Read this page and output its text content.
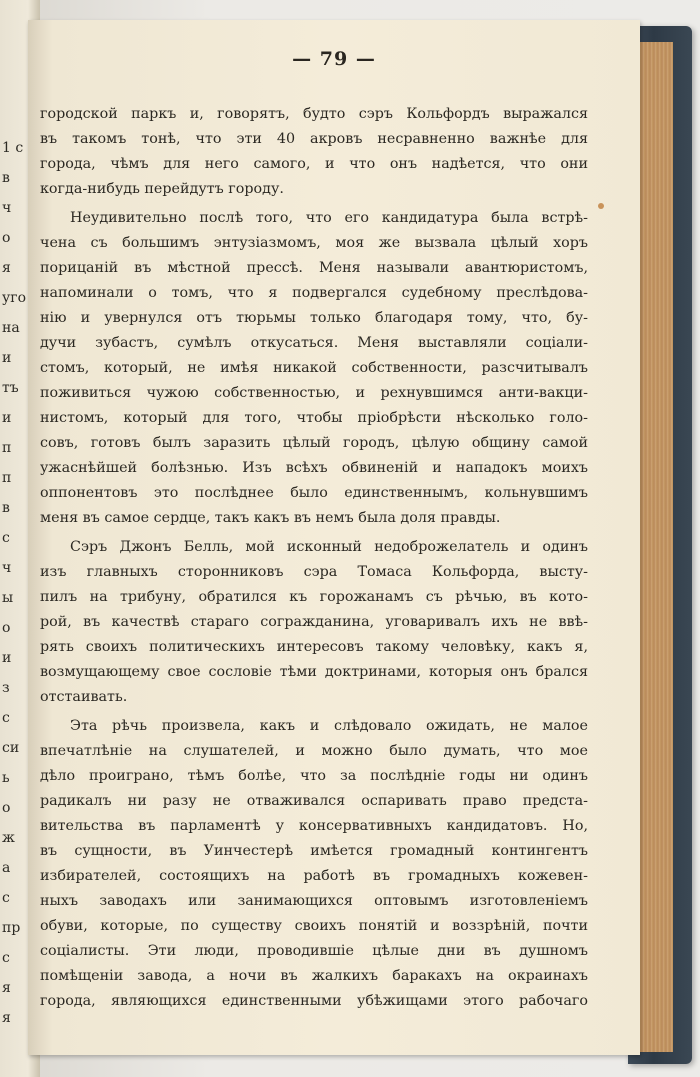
1 с
в
ч
о
я
уго
на
и
тъ
и
п
п
в
с
ч
ы
о
и
з
с
си
ь
о
ж
а
с
пр
с
я
я
— 79 —
городской паркъ и, говорятъ, будто сэръ Кольфордъ выражался
въ такомъ тонѣ, что эти 40 акровъ несравненно важнѣе для
города, чѣмъ для него самого, и что онъ надѣется, что они
когда-нибудь перейдутъ городу.
Неудивительно послѣ того, что его кандидатура была встрѣ-
чена съ большимъ энтузіазмомъ, моя же вызвала цѣлый хоръ
порицаній въ мѣстной прессѣ. Меня называли авантюристомъ,
напоминали о томъ, что я подвергался судебному преслѣдова-
нію и увернулся отъ тюрьмы только благодаря тому, что, бу-
дучи зубастъ, сумѣлъ откусаться. Меня выставляли соціали-
стомъ, который, не имѣя никакой собственности, разсчитывалъ
поживиться чужою собственностью, и рехнувшимся анти-вакци-
нистомъ, который для того, чтобы пріобрѣсти нѣсколько голо-
совъ, готовъ былъ заразить цѣлый городъ, цѣлую общину самой
ужаснѣйшей болѣзнью. Изъ всѣхъ обвиненій и нападокъ моихъ
оппонентовъ это послѣднее было единственнымъ, кольнувшимъ
меня въ самое сердце, такъ какъ въ немъ была доля правды.
Сэръ Джонъ Белль, мой исконный недоброжелатель и одинъ
изъ главныхъ сторонниковъ сэра Томаса Кольфорда, высту-
пилъ на трибуну, обратился къ горожанамъ съ рѣчью, въ кото-
рой, въ качествѣ стараго согражданина, уговаривалъ ихъ не ввѣ-
рять своихъ политическихъ интересовъ такому человѣку, какъ я,
возмущающему свое сословіе тѣми доктринами, которыя онъ брался
отстаивать.
Эта рѣчь произвела, какъ и слѣдовало ожидать, не малое
впечатлѣніе на слушателей, и можно было думать, что мое
дѣло проиграно, тѣмъ болѣе, что за послѣдніе годы ни одинъ
радикалъ ни разу не отваживался оспаривать право предста-
вительства въ парламентѣ у консервативныхъ кандидатовъ. Но,
въ сущности, въ Уинчестерѣ имѣется громадный контингентъ
избирателей, состоящихъ на работѣ въ громадныхъ кожевен-
ныхъ заводахъ или занимающихся оптовымъ изготовленіемъ
обуви, которые, по существу своихъ понятій и воззрѣній, почти
соціалисты. Эти люди, проводившіе цѣлые дни въ душномъ
помѣщеніи завода, а ночи въ жалкихъ баракахъ на окраинахъ
города, являющихся единственными убѣжищами этого рабочаго
